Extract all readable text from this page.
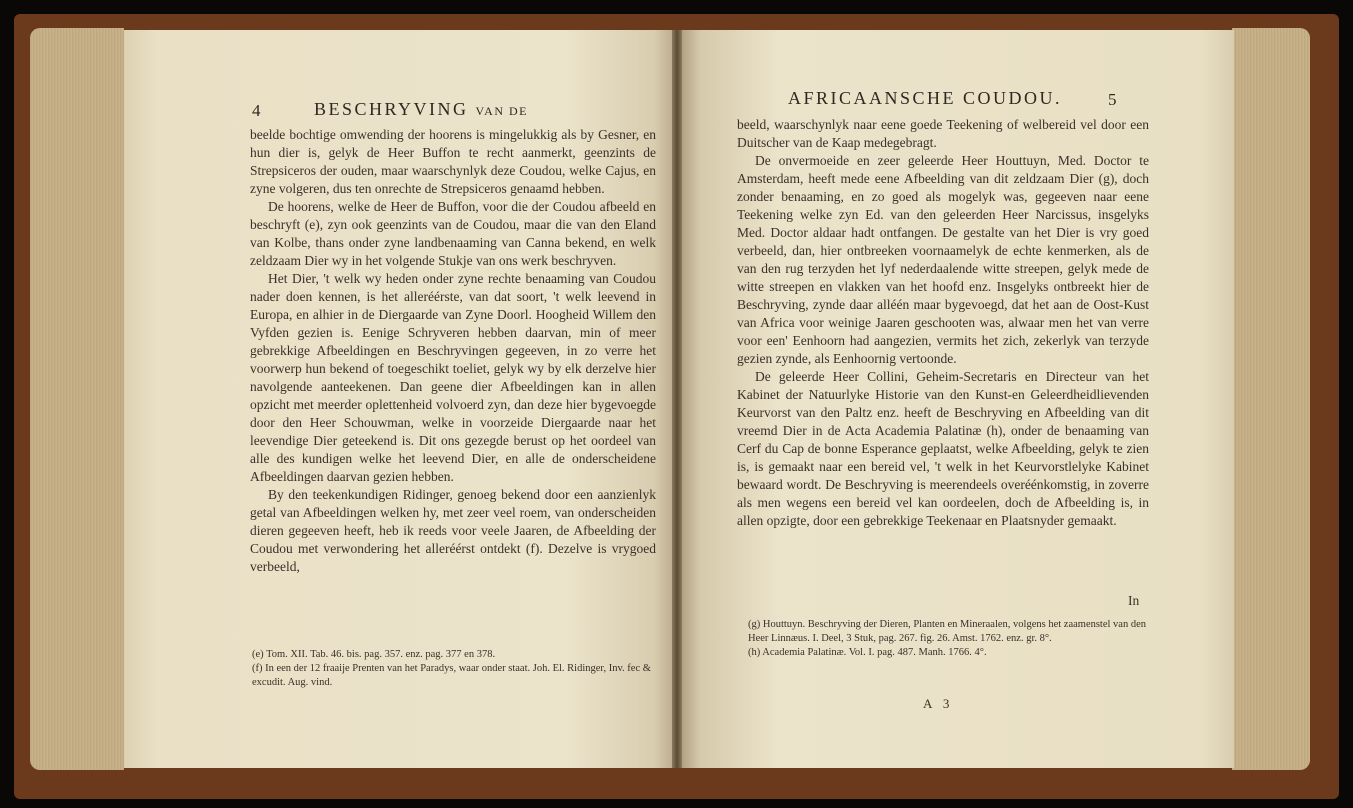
4	BESCHRYVING VAN DE

beelde bochtige omwending der hoorens is mingelukkig als by Gesner, en hun dier is, gelyk de Heer Buffon te recht aanmerkt, geenzints de Strepsiceros der ouden, maar waarschynlyk deze Coudou, welke Cajus, en zyne volgeren, dus ten onrechte de Strepsiceros genaamd hebben.

De hoorens, welke de Heer de Buffon, voor die der Coudou afbeeld en beschryft (e), zyn ook geenzints van de Coudou, maar die van den Eland van Kolbe, thans onder zyne landbenaaming van Canna bekend, en welk zeldzaam Dier wy in het volgende Stukje van ons werk beschryven.

Het Dier, 't welk wy heden onder zyne rechte benaaming van Coudou nader doen kennen, is het alleréérste, van dat soort, 't welk leevend in Europa, en alhier in de Diergaarde van Zyne Doorl. Hoogheid Willem den Vyfden gezien is. Eenige Schryveren hebben daarvan, min of meer gebrekkige Afbeeldingen en Beschryvingen gegeeven, in zo verre het voorwerp hun bekend of toegeschikt toeliet, gelyk wy by elk derzelve hier navolgende aanteekenen. Dan geene dier Afbeeldingen kan in allen opzicht met meerder oplettenheid volvoerd zyn, dan deze hier bygevoegde door den Heer Schouwman, welke in voorzeide Diergaarde naar het leevendige Dier geteekend is. Dit ons gezegde berust op het oordeel van alle des kundigen welke het leevend Dier, en alle de onderscheidene Afbeeldingen daarvan gezien hebben.

By den teekenkundigen Ridinger, genoeg bekend door een aanzienlyk getal van Afbeeldingen welken hy, met zeer veel roem, van onderscheiden dieren gegeeven heeft, heb ik reeds voor veele Jaaren, de Afbeelding der Coudou met verwondering het alleréérst ontdekt (f). Dezelve is vrygoed verbeeld,

(e) Tom. XII. Tab. 46. bis. pag. 357. enz. pag. 377 en 378.
(f) In een der 12 fraaije Prenten van het Paradys, waar onder staat. Joh. El. Ridinger, Inv. fec & excudit. Aug. vind.
AFRICAANSCHE COUDOU.	5

beeld, waarschynlyk naar eene goede Teekening of welbereid vel door een Duitscher van de Kaap medegebragt.

De onvermoeide en zeer geleerde Heer Houttuyn, Med. Doctor te Amsterdam, heeft mede eene Afbeelding van dit zeldzaam Dier (g), doch zonder benaaming, en zo goed als mogelyk was, gegeeven naar eene Teekening welke zyn Ed. van den geleerden Heer Narcissus, insgelyks Med. Doctor aldaar hadt ontfangen. De gestalte van het Dier is vry goed verbeeld, dan, hier ontbreeken voornaamelyk de echte kenmerken, als de van den rug terzyden het lyf nederdaalende witte streepen, gelyk mede de witte streepen en vlakken van het hoofd enz. Insgelyks ontbreekt hier de Beschryving, zynde daar alléén maar bygevoegd, dat het aan de Oost-Kust van Africa voor weinige Jaaren geschooten was, alwaar men het van verre voor een' Eenhoorn had aangezien, vermits het zich, zekerlyk van terzyde gezien zynde, als Eenhoornig vertoonde.

De geleerde Heer Collini, Geheim-Secretaris en Directeur van het Kabinet der Natuurlyke Historie van den Kunst-en Geleerdheidlievenden Keurvorst van den Paltz enz. heeft de Beschryving en Afbeelding van dit vreemd Dier in de Acta Academia Palatinæ (h), onder de benaaming van Cerf du Cap de bonne Esperance geplaatst, welke Afbeelding, gelyk te zien is, is gemaakt naar een bereid vel, 't welk in het Keurvorstlelyke Kabinet bewaard wordt. De Beschryving is meerendeels overéénkomstig, in zoverre als men wegens een bereid vel kan oordeelen, doch de Afbeelding is, in allen opzigte, door een gebrekkige Teekenaar en Plaatsnyder gemaakt.

In
(g) Houttuyn. Beschryving der Dieren, Planten en Mineraalen, volgens het zaamenstel van den Heer Linnæus. I. Deel, 3 Stuk, pag. 267. fig. 26. Amst. 1762. enz. gr. 8°.
(h) Academia Palatinæ. Vol. I. pag. 487. Manh. 1766. 4°.
A 3
